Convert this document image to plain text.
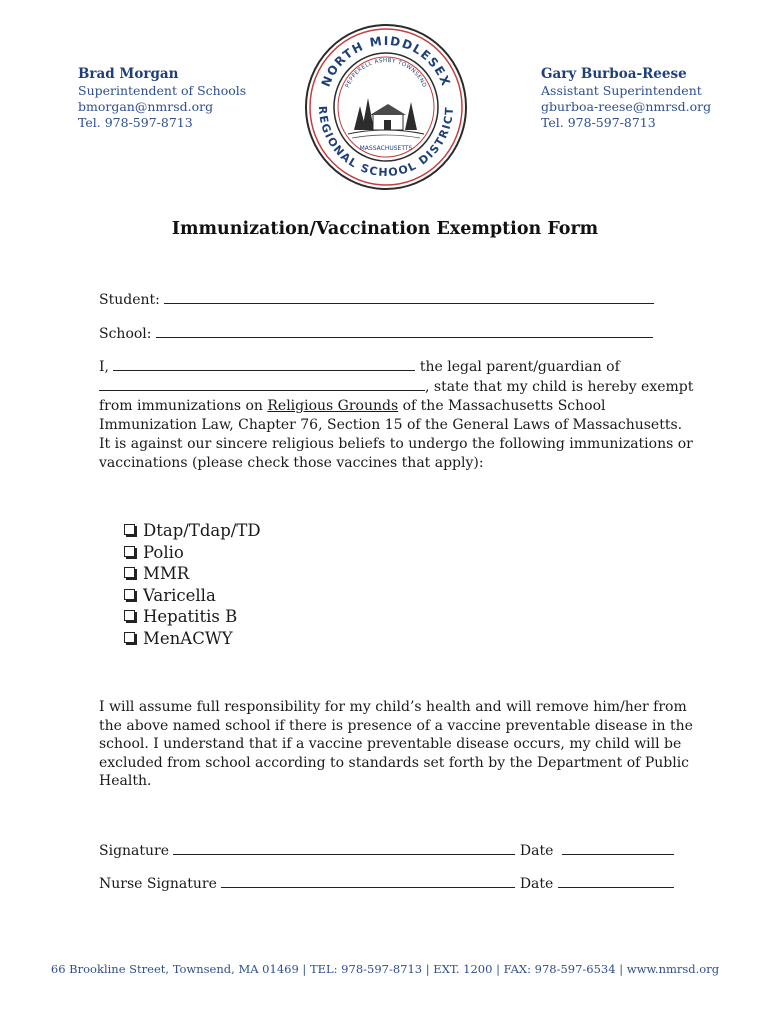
Brad Morgan
Superintendent of Schools
bmorgan@nmrsd.org
Tel. 978-597-8713
Gary Burboa-Reese
Assistant Superintendent
gburboa-reese@nmrsd.org
Tel. 978-597-8713
NORTH MIDDLESEX
REGIONAL SCHOOL DISTRICT
PEPPERELL ASHBY TOWNSEND
MASSACHUSETTS
Immunization/Vaccination Exemption Form
Student:
School:
I,	the legal parent/guardian of
, state that my child is hereby exempt
from immunizations on Religious Grounds of the Massachusetts School
Immunization Law, Chapter 76, Section 15 of the General Laws of Massachusetts.
It is against our sincere religious beliefs to undergo the following immunizations or
vaccinations (please check those vaccines that apply):
Dtap/Tdap/TD
Polio
MMR
Varicella
Hepatitis B
MenACWY
I will assume full responsibility for my child’s health and will remove him/her from
the above named school if there is presence of a vaccine preventable disease in the
school. I understand that if a vaccine preventable disease occurs, my child will be
excluded from school according to standards set forth by the Department of Public
Health.
Signature	Date
Nurse Signature	Date
66 Brookline Street, Townsend, MA 01469 | TEL: 978-597-8713 | EXT. 1200 | FAX: 978-597-6534 | www.nmrsd.org
